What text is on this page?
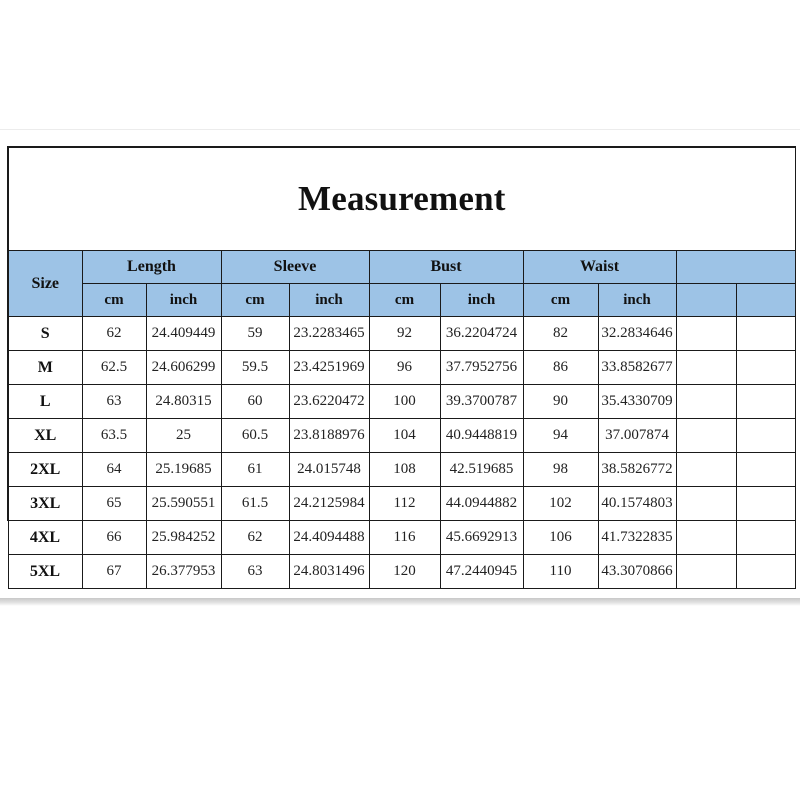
Measurement										
Size	Length		Sleeve		Bust		Waist			
	cm	inch	cm	inch	cm	inch	cm	inch		
S	62	24.409449	59	23.2283465	92	36.2204724	82	32.2834646		
M	62.5	24.606299	59.5	23.4251969	96	37.7952756	86	33.8582677		
L	63	24.80315	60	23.6220472	100	39.3700787	90	35.4330709		
XL	63.5	25	60.5	23.8188976	104	40.9448819	94	37.007874		
2XL	64	25.19685	61	24.015748	108	42.519685	98	38.5826772		
3XL	65	25.590551	61.5	24.2125984	112	44.0944882	102	40.1574803		
4XL	66	25.984252	62	24.4094488	116	45.6692913	106	41.7322835		
5XL	67	26.377953	63	24.8031496	120	47.2440945	110	43.3070866		
